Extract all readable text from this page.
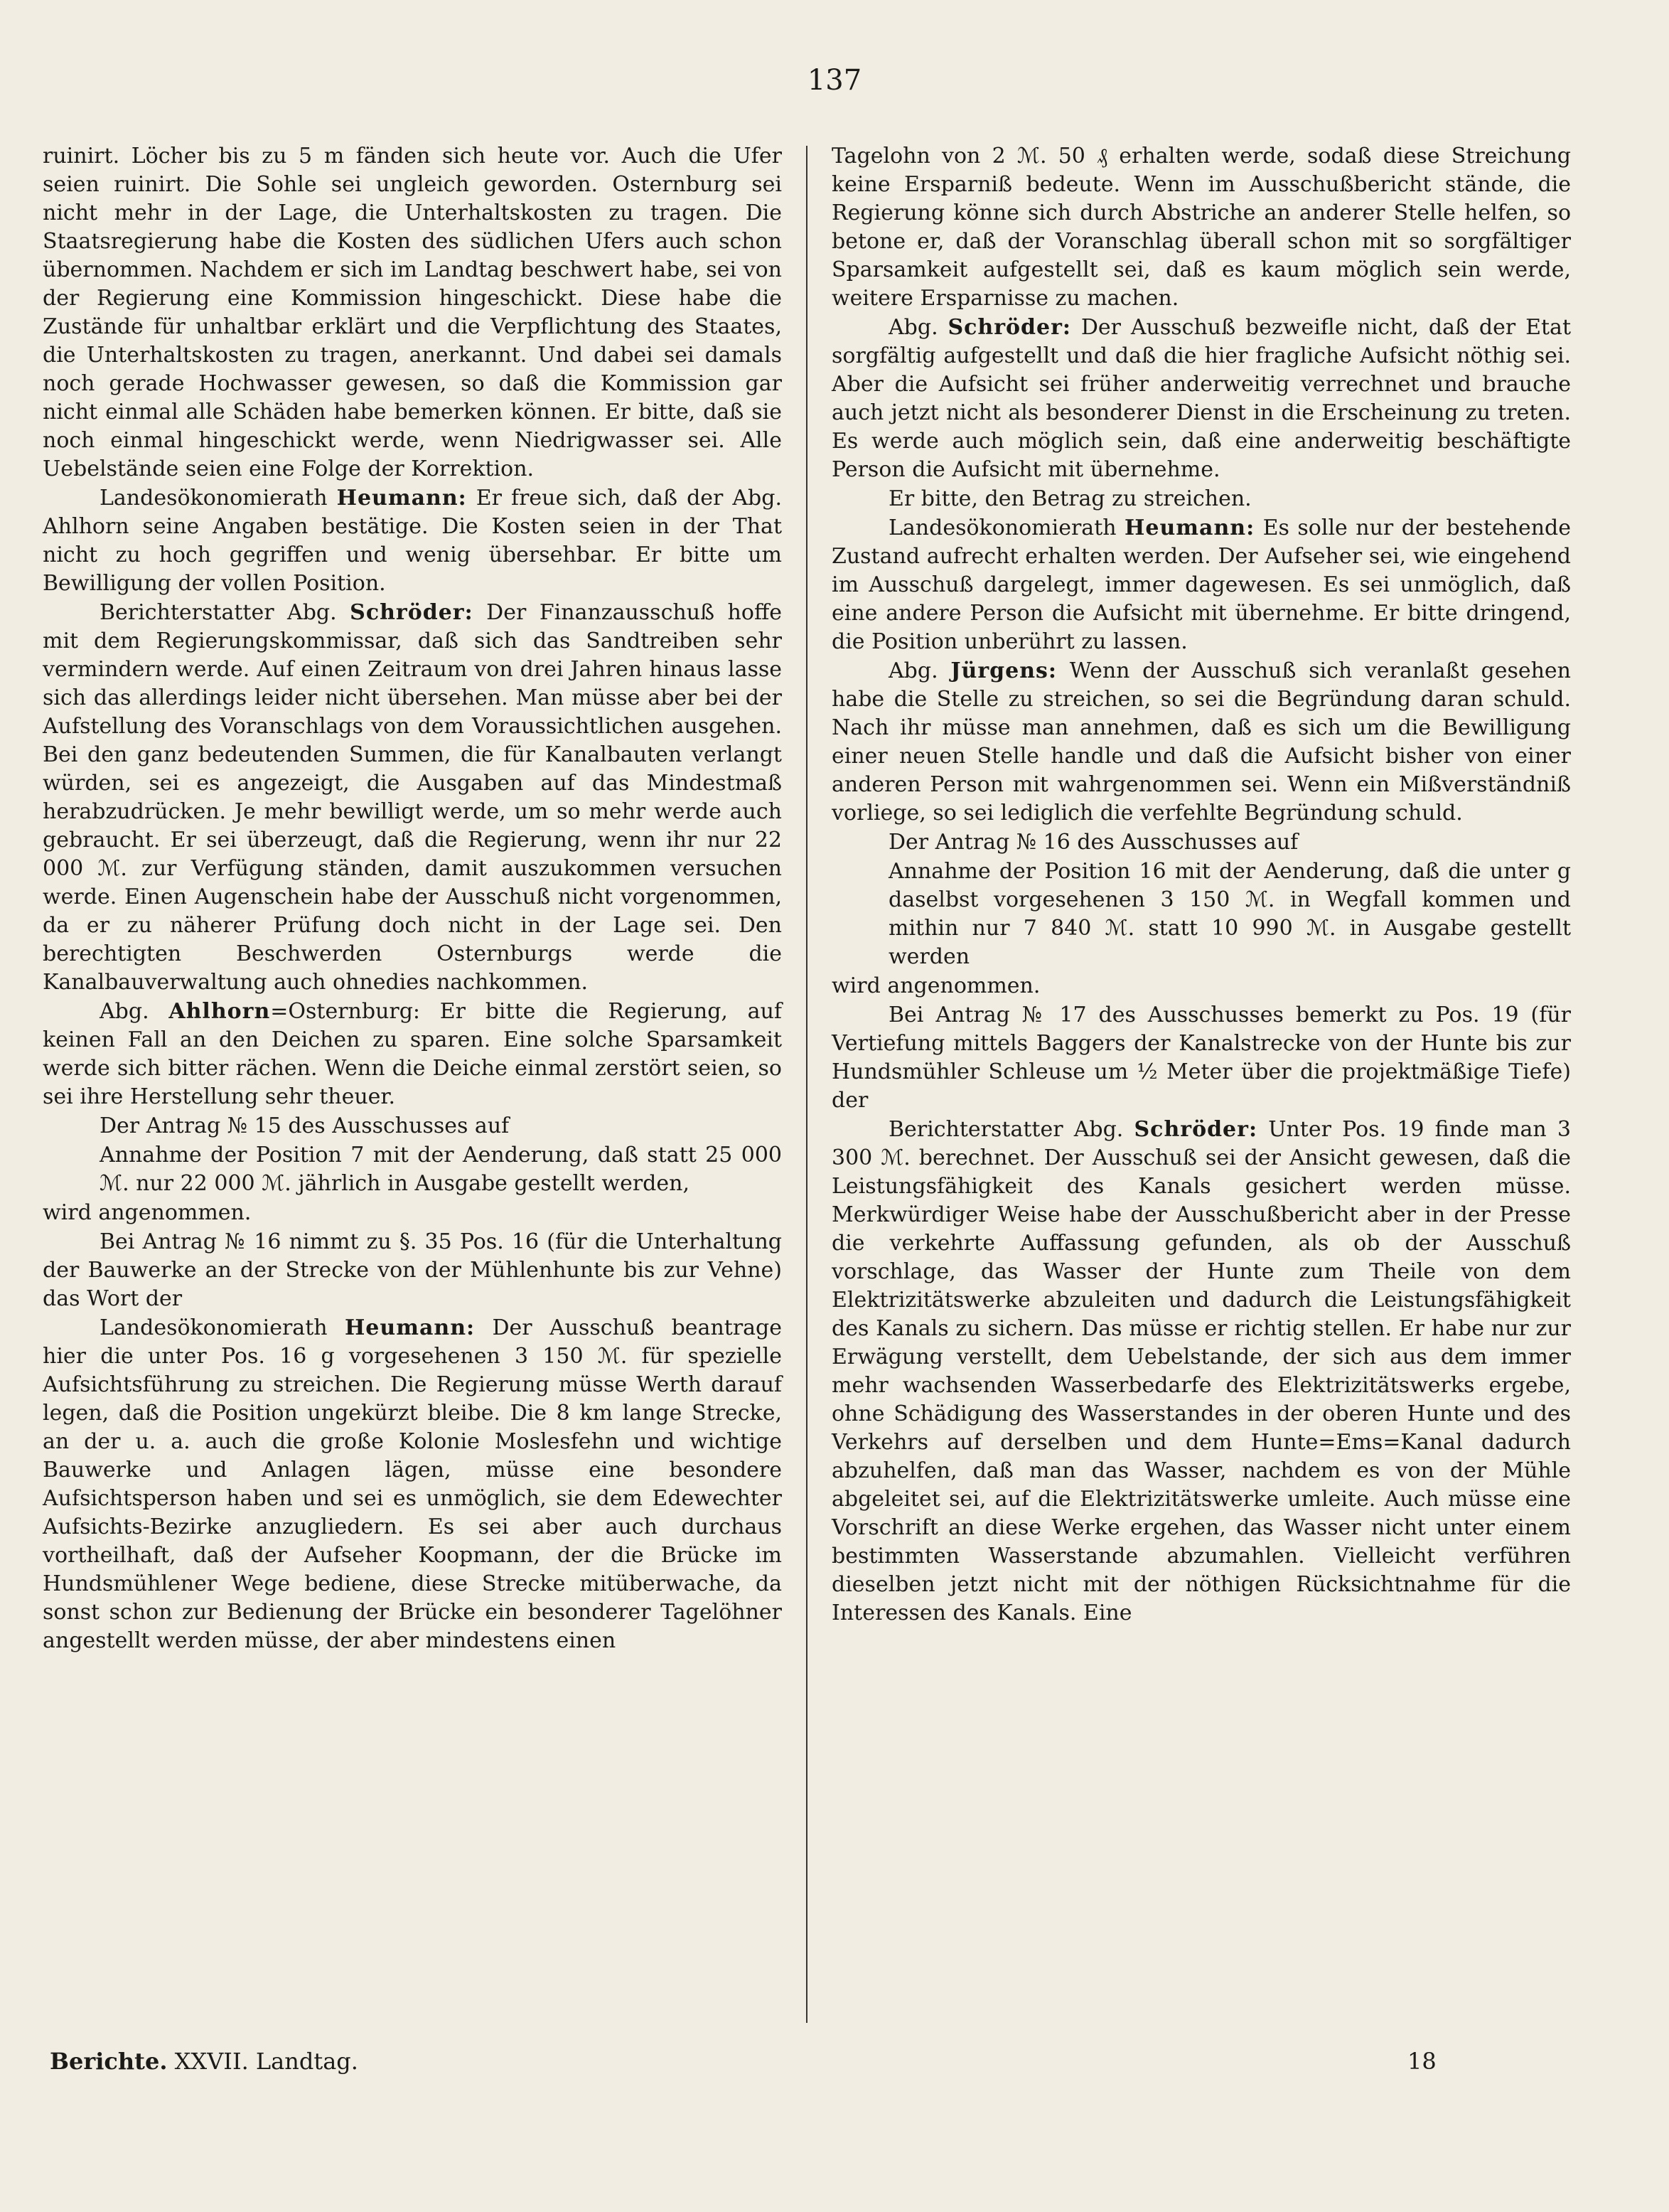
137

ruinirt. Löcher bis zu 5 m fänden sich heute vor. Auch die Ufer seien ruinirt. Die Sohle sei ungleich geworden. Osternburg sei nicht mehr in der Lage, die Unterhaltskosten zu tragen. Die Staatsregierung habe die Kosten des südlichen Ufers auch schon übernommen. Nachdem er sich im Landtag beschwert habe, sei von der Regierung eine Kommission hingeschickt. Diese habe die Zustände für unhaltbar erklärt und die Verpflichtung des Staates, die Unterhaltskosten zu tragen, anerkannt. Und dabei sei damals noch gerade Hochwasser gewesen, so daß die Kommission gar nicht einmal alle Schäden habe bemerken können. Er bitte, daß sie noch einmal hingeschickt werde, wenn Niedrigwasser sei. Alle Uebelstände seien eine Folge der Korrektion.

Landesökonomierath Heumann: Er freue sich, daß der Abg. Ahlhorn seine Angaben bestätige. Die Kosten seien in der That nicht zu hoch gegriffen und wenig übersehbar. Er bitte um Bewilligung der vollen Position.

Berichterstatter Abg. Schröder: Der Finanzausschuß hoffe mit dem Regierungskommissar, daß sich das Sandtreiben sehr vermindern werde. Auf einen Zeitraum von drei Jahren hinaus lasse sich das allerdings leider nicht übersehen. Man müsse aber bei der Aufstellung des Voranschlags von dem Voraussichtlichen ausgehen. Bei den ganz bedeutenden Summen, die für Kanalbauten verlangt würden, sei es angezeigt, die Ausgaben auf das Mindestmaß herabzudrücken. Je mehr bewilligt werde, um so mehr werde auch gebraucht. Er sei überzeugt, daß die Regierung, wenn ihr nur 22 000 ℳ. zur Verfügung ständen, damit auszukommen versuchen werde. Einen Augenschein habe der Ausschuß nicht vorgenommen, da er zu näherer Prüfung doch nicht in der Lage sei. Den berechtigten Beschwerden Osternburgs werde die Kanalbauverwaltung auch ohnedies nachkommen.

Abg. Ahlhorn=Osternburg: Er bitte die Regierung, auf keinen Fall an den Deichen zu sparen. Eine solche Sparsamkeit werde sich bitter rächen. Wenn die Deiche einmal zerstört seien, so sei ihre Herstellung sehr theuer.

Der Antrag № 15 des Ausschusses auf

Annahme der Position 7 mit der Aenderung, daß statt 25 000 ℳ. nur 22 000 ℳ. jährlich in Ausgabe gestellt werden,

wird angenommen.

Bei Antrag № 16 nimmt zu §. 35 Pos. 16 (für die Unterhaltung der Bauwerke an der Strecke von der Mühlenhunte bis zur Vehne) das Wort der

Landesökonomierath Heumann: Der Ausschuß beantrage hier die unter Pos. 16 g vorgesehenen 3 150 ℳ. für spezielle Aufsichtsführung zu streichen. Die Regierung müsse Werth darauf legen, daß die Position ungekürzt bleibe. Die 8 km lange Strecke, an der u. a. auch die große Kolonie Moslesfehn und wichtige Bauwerke und Anlagen lägen, müsse eine besondere Aufsichtsperson haben und sei es unmöglich, sie dem Edewechter Aufsichts-Bezirke anzugliedern. Es sei aber auch durchaus vortheilhaft, daß der Aufseher Koopmann, der die Brücke im Hundsmühlener Wege bediene, diese Strecke mitüberwache, da sonst schon zur Bedienung der Brücke ein besonderer Tagelöhner angestellt werden müsse, der aber mindestens einen

Tagelohn von 2 ℳ. 50 ₰ erhalten werde, sodaß diese Streichung keine Ersparniß bedeute. Wenn im Ausschußbericht stände, die Regierung könne sich durch Abstriche an anderer Stelle helfen, so betone er, daß der Voranschlag überall schon mit so sorgfältiger Sparsamkeit aufgestellt sei, daß es kaum möglich sein werde, weitere Ersparnisse zu machen.

Abg. Schröder: Der Ausschuß bezweifle nicht, daß der Etat sorgfältig aufgestellt und daß die hier fragliche Aufsicht nöthig sei. Aber die Aufsicht sei früher anderweitig verrechnet und brauche auch jetzt nicht als besonderer Dienst in die Erscheinung zu treten. Es werde auch möglich sein, daß eine anderweitig beschäftigte Person die Aufsicht mit übernehme.

Er bitte, den Betrag zu streichen.

Landesökonomierath Heumann: Es solle nur der bestehende Zustand aufrecht erhalten werden. Der Aufseher sei, wie eingehend im Ausschuß dargelegt, immer dagewesen. Es sei unmöglich, daß eine andere Person die Aufsicht mit übernehme. Er bitte dringend, die Position unberührt zu lassen.

Abg. Jürgens: Wenn der Ausschuß sich veranlaßt gesehen habe die Stelle zu streichen, so sei die Begründung daran schuld. Nach ihr müsse man annehmen, daß es sich um die Bewilligung einer neuen Stelle handle und daß die Aufsicht bisher von einer anderen Person mit wahrgenommen sei. Wenn ein Mißverständniß vorliege, so sei lediglich die verfehlte Begründung schuld.

Der Antrag № 16 des Ausschusses auf

Annahme der Position 16 mit der Aenderung, daß die unter g daselbst vorgesehenen 3 150 ℳ. in Wegfall kommen und mithin nur 7 840 ℳ. statt 10 990 ℳ. in Ausgabe gestellt werden

wird angenommen.

Bei Antrag № 17 des Ausschusses bemerkt zu Pos. 19 (für Vertiefung mittels Baggers der Kanalstrecke von der Hunte bis zur Hundsmühler Schleuse um ½ Meter über die projektmäßige Tiefe) der

Berichterstatter Abg. Schröder: Unter Pos. 19 finde man 3 300 ℳ. berechnet. Der Ausschuß sei der Ansicht gewesen, daß die Leistungsfähigkeit des Kanals gesichert werden müsse. Merkwürdiger Weise habe der Ausschußbericht aber in der Presse die verkehrte Auffassung gefunden, als ob der Ausschuß vorschlage, das Wasser der Hunte zum Theile von dem Elektrizitätswerke abzuleiten und dadurch die Leistungsfähigkeit des Kanals zu sichern. Das müsse er richtig stellen. Er habe nur zur Erwägung verstellt, dem Uebelstande, der sich aus dem immer mehr wachsenden Wasserbedarfe des Elektrizitätswerks ergebe, ohne Schädigung des Wasserstandes in der oberen Hunte und des Verkehrs auf derselben und dem Hunte=Ems=Kanal dadurch abzuhelfen, daß man das Wasser, nachdem es von der Mühle abgeleitet sei, auf die Elektrizitätswerke umleite. Auch müsse eine Vorschrift an diese Werke ergehen, das Wasser nicht unter einem bestimmten Wasserstande abzumahlen. Vielleicht verführen dieselben jetzt nicht mit der nöthigen Rücksichtnahme für die Interessen des Kanals. Eine

Berichte. XXVII. Landtag.	18
